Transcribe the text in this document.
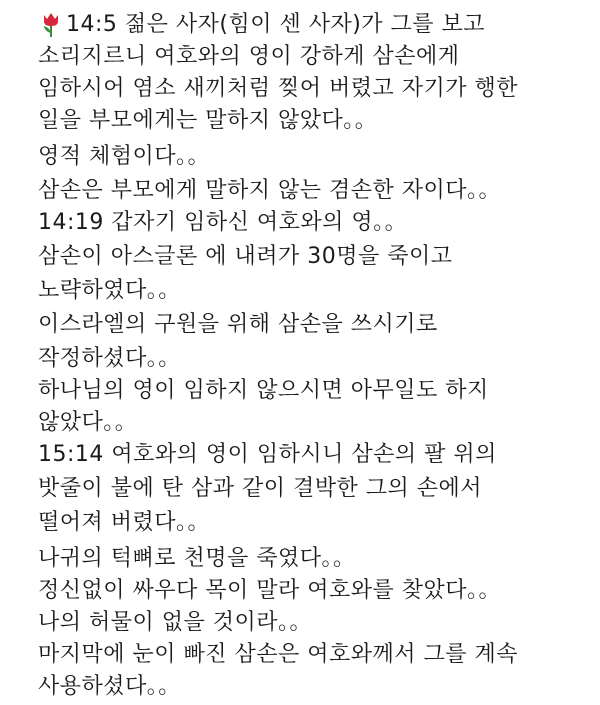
14:5 젊은 사자(힘이 센 사자)가 그를 보고
소리지르니 여호와의 영이 강하게 삼손에게
임하시어 염소 새끼처럼 찢어 버렸고 자기가 행한
일을 부모에게는 말하지 않았다。。
영적 체험이다。。
삼손은 부모에게 말하지 않는 겸손한 자이다。。
14:19 갑자기 임하신 여호와의 영。。
삼손이 아스글론 에 내려가 30명을 죽이고
노략하였다。。
이스라엘의 구원을 위해 삼손을 쓰시기로
작정하셨다。。
하나님의 영이 임하지 않으시면 아무일도 하지
않았다。。
15:14 여호와의 영이 임하시니 삼손의 팔 위의
밧줄이 불에 탄 삼과 같이 결박한 그의 손에서
떨어져 버렸다。。
나귀의 턱뼈로 천명을 죽였다。。
정신없이 싸우다 목이 말라 여호와를 찾았다。。
나의 허물이 없을 것이라。。
마지막에 눈이 빠진 삼손은 여호와께서 그를 계속
사용하셨다。。
